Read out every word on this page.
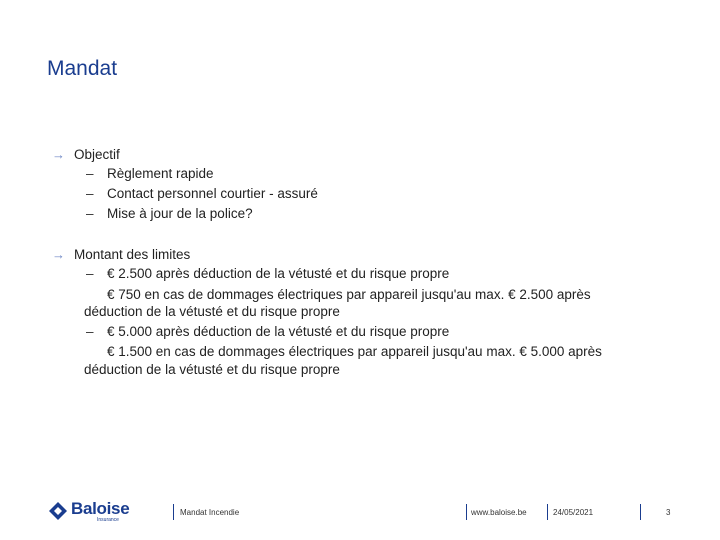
Mandat
→ Objectif
– Règlement rapide
– Contact personnel courtier - assuré
– Mise à jour de la police?
→ Montant des limites
– € 2.500 après déduction de la vétusté et du risque propre
€ 750 en cas de dommages électriques par appareil jusqu'au max. € 2.500 après
déduction de la vétusté et du risque propre
– € 5.000 après déduction de la vétusté et du risque propre
€ 1.500 en cas de dommages électriques par appareil jusqu'au max. € 5.000 après
déduction de la vétusté et du risque propre
Baloise
Insurance
Mandat Incendie	www.baloise.be	24/05/2021	3
